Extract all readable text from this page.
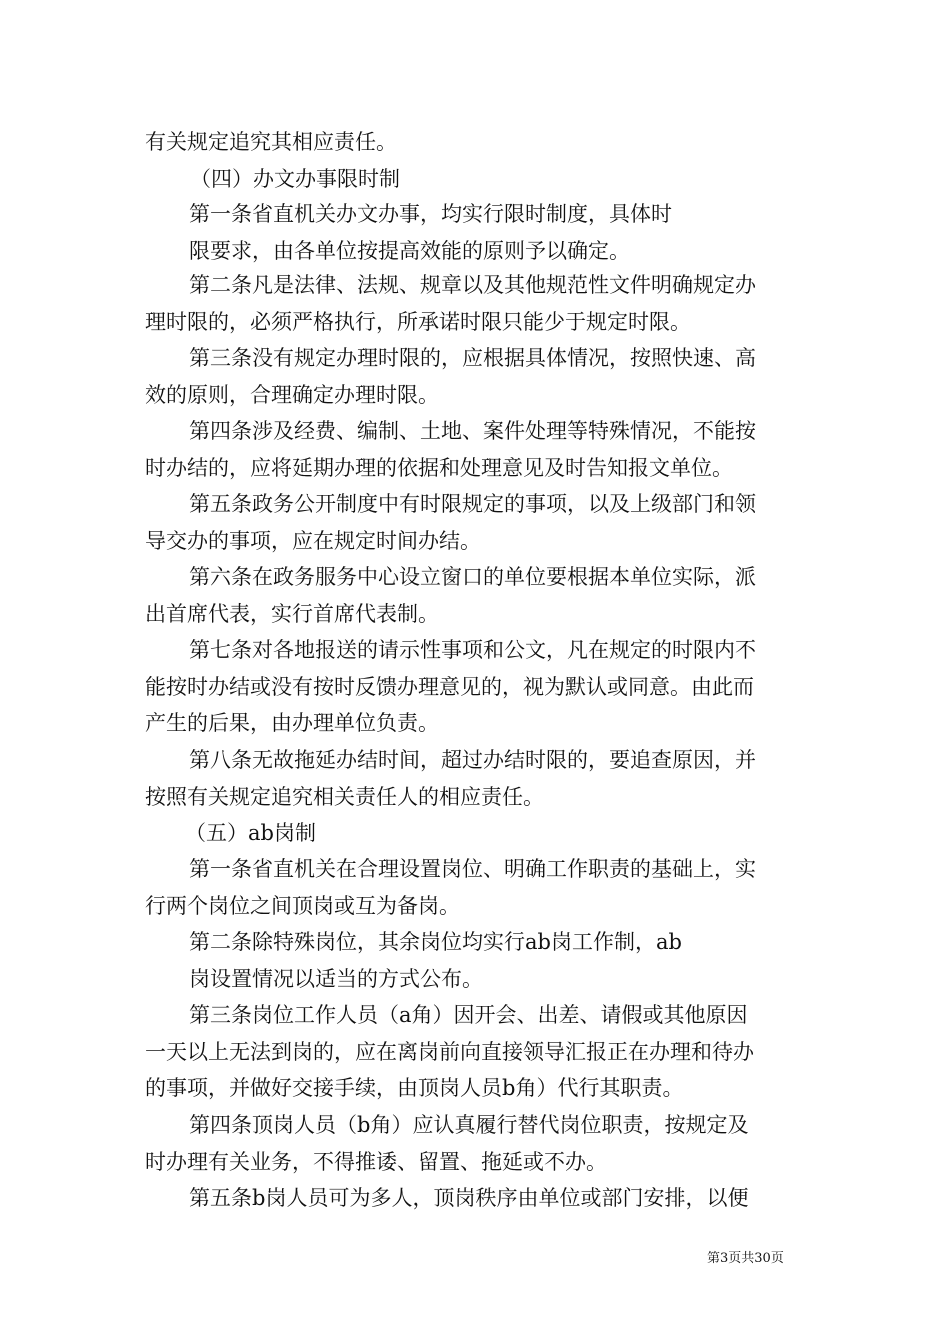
有关规定追究其相应责任。
（四）办文办事限时制
第一条省直机关办文办事，均实行限时制度，具体时
限要求，由各单位按提高效能的原则予以确定。
第二条凡是法律、法规、规章以及其他规范性文件明确规定办
理时限的，必须严格执行，所承诺时限只能少于规定时限。
第三条没有规定办理时限的，应根据具体情况，按照快速、高
效的原则，合理确定办理时限。
第四条涉及经费、编制、土地、案件处理等特殊情况，不能按
时办结的，应将延期办理的依据和处理意见及时告知报文单位。
第五条政务公开制度中有时限规定的事项，以及上级部门和领
导交办的事项，应在规定时间办结。
第六条在政务服务中心设立窗口的单位要根据本单位实际，派
出首席代表，实行首席代表制。
第七条对各地报送的请示性事项和公文，凡在规定的时限内不
能按时办结或没有按时反馈办理意见的，视为默认或同意。由此而
产生的后果，由办理单位负责。
第八条无故拖延办结时间，超过办结时限的，要追查原因，并
按照有关规定追究相关责任人的相应责任。
（五）ab岗制
第一条省直机关在合理设置岗位、明确工作职责的基础上，实
行两个岗位之间顶岗或互为备岗。
第二条除特殊岗位，其余岗位均实行ab岗工作制，ab
岗设置情况以适当的方式公布。
第三条岗位工作人员（a角）因开会、出差、请假或其他原因
一天以上无法到岗的，应在离岗前向直接领导汇报正在办理和待办
的事项，并做好交接手续，由顶岗人员b角）代行其职责。
第四条顶岗人员（b角）应认真履行替代岗位职责，按规定及
时办理有关业务，不得推诿、留置、拖延或不办。
第五条b岗人员可为多人，顶岗秩序由单位或部门安排，以便
第3页共30页
